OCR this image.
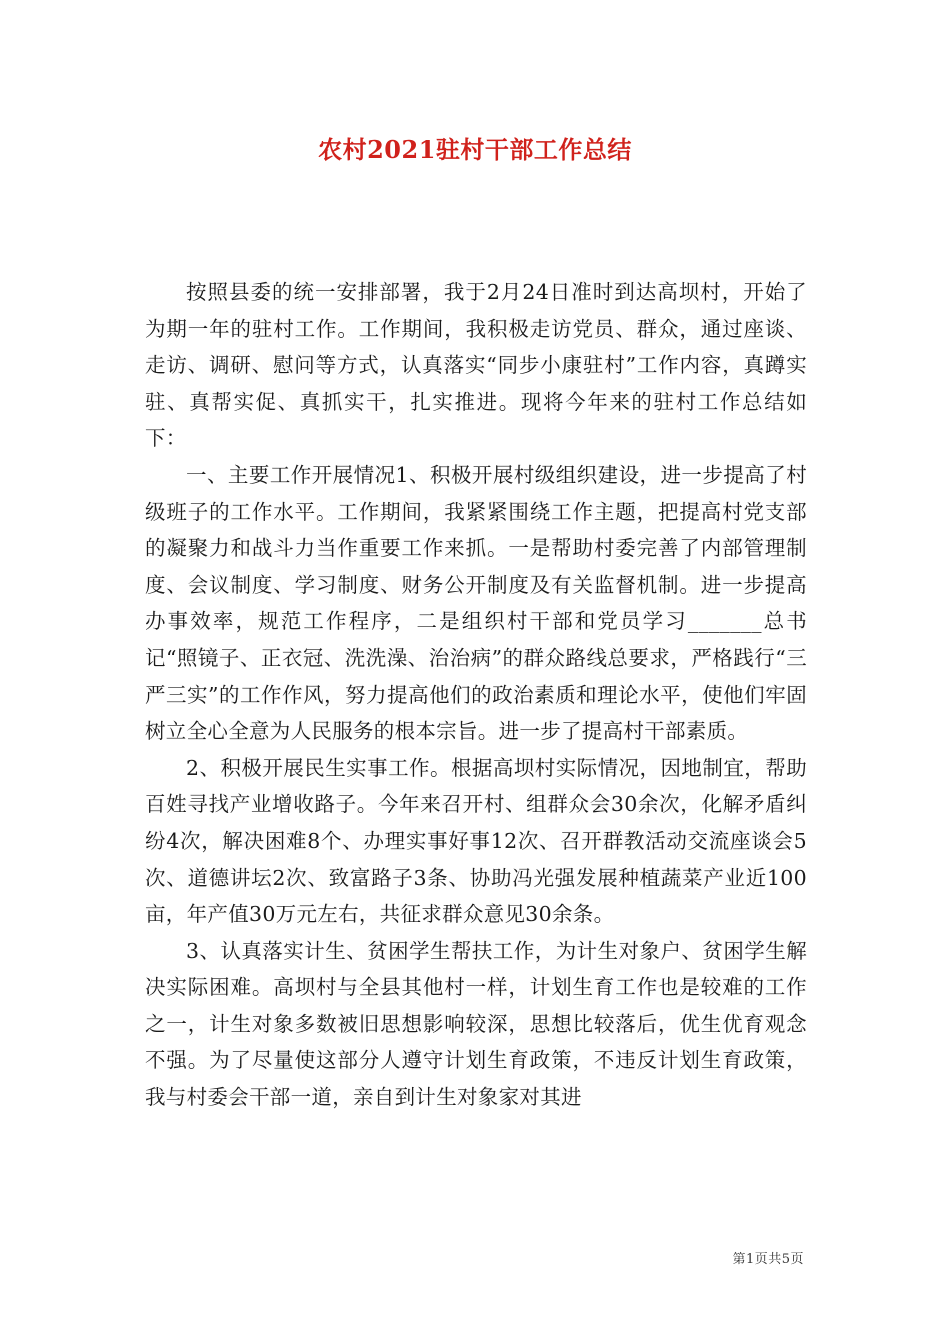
农村2021驻村干部工作总结

按照县委的统一安排部署，我于2月24日准时到达高坝村，开始了为期一年的驻村工作。工作期间，我积极走访党员、群众，通过座谈、走访、调研、慰问等方式，认真落实“同步小康驻村”工作内容，真蹲实驻、真帮实促、真抓实干，扎实推进。现将今年来的驻村工作总结如下：

一、主要工作开展情况1、积极开展村级组织建设，进一步提高了村级班子的工作水平。工作期间，我紧紧围绕工作主题，把提高村党支部的凝聚力和战斗力当作重要工作来抓。一是帮助村委完善了内部管理制度、会议制度、学习制度、财务公开制度及有关监督机制。进一步提高办事效率，规范工作程序，二是组织村干部和党员学习_______总书记“照镜子、正衣冠、洗洗澡、治治病”的群众路线总要求，严格践行“三严三实”的工作作风，努力提高他们的政治素质和理论水平，使他们牢固树立全心全意为人民服务的根本宗旨。进一步了提高村干部素质。

2、积极开展民生实事工作。根据高坝村实际情况，因地制宜，帮助百姓寻找产业增收路子。今年来召开村、组群众会30余次，化解矛盾纠纷4次，解决困难8个、办理实事好事12次、召开群教活动交流座谈会5次、道德讲坛2次、致富路子3条、协助冯光强发展种植蔬菜产业近100亩，年产值30万元左右，共征求群众意见30余条。

3、认真落实计生、贫困学生帮扶工作，为计生对象户、贫困学生解决实际困难。高坝村与全县其他村一样，计划生育工作也是较难的工作之一，计生对象多数被旧思想影响较深，思想比较落后，优生优育观念不强。为了尽量使这部分人遵守计划生育政策，不违反计划生育政策，我与村委会干部一道，亲自到计生对象家对其进

第1页共5页
